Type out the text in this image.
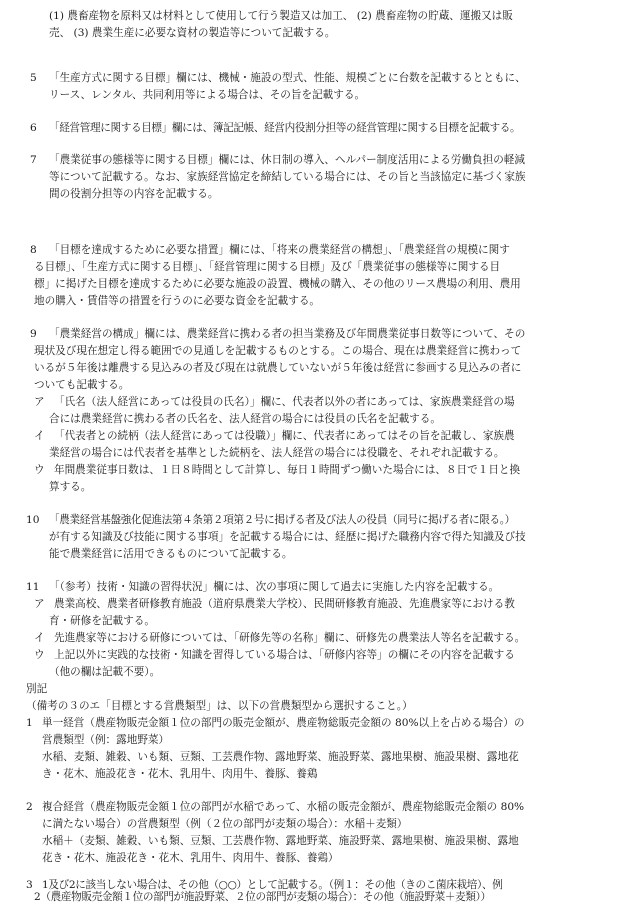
(1) 農畜産物を原料又は材料として使用して行う製造又は加工、 (2) 農畜産物の貯蔵、運搬又は販
売、 (3) 農業生産に必要な資材の製造等について記載する。
5 「生産方式に関する目標」欄には、機械・施設の型式、性能、規模ごとに台数を記載するとともに、
リース、レンタル、共同利用等による場合は、その旨を記載する。
6 「経営管理に関する目標」欄には、簿記記帳、経営内役割分担等の経営管理に関する目標を記載する。
7 「農業従事の態様等に関する目標」欄には、休日制の導入、ヘルパー制度活用による労働負担の軽減
等について記載する。なお、家族経営協定を締結している場合には、その旨と当該協定に基づく家族
間の役割分担等の内容を記載する。
8 「目標を達成するために必要な措置」欄には、「将来の農業経営の構想」、「農業経営の規模に関す
る目標」、「生産方式に関する目標」、「経営管理に関する目標」及び「農業従事の態様等に関する目
標」に掲げた目標を達成するために必要な施設の設置、機械の購入、その他のリース農場の利用、農用
地の購入・賃借等の措置を行うのに必要な資金を記載する。
9 「農業経営の構成」欄には、農業経営に携わる者の担当業務及び年間農業従事日数等について、その
現状及び現在想定し得る範囲での見通しを記載するものとする。この場合、現在は農業経営に携わって
いるが５年後は離農する見込みの者及び現在は就農していないが５年後は経営に参画する見込みの者に
ついても記載する。
ア 「氏名（法人経営にあっては役員の氏名）」欄に、代表者以外の者にあっては、家族農業経営の場
合には農業経営に携わる者の氏名を、法人経営の場合には役員の氏名を記載する。
イ 「代表者との続柄（法人経営にあっては役職）」欄に、代表者にあってはその旨を記載し、家族農
業経営の場合には代表者を基準とした続柄を、法人経営の場合には役職を、それぞれ記載する。
ウ 年間農業従事日数は、１日８時間として計算し、毎日１時間ずつ働いた場合には、８日で１日と換
算する。
10 「農業経営基盤強化促進法第４条第２項第２号に掲げる者及び法人の役員（同号に掲げる者に限る。）
が有する知識及び技能に関する事項」を記載する場合には、経歴に掲げた職務内容で得た知識及び技
能で農業経営に活用できるものについて記載する。
11 「（参考）技術・知識の習得状況」欄には、次の事項に関して過去に実施した内容を記載する。
ア 農業高校、農業者研修教育施設（道府県農業大学校）、民間研修教育施設、先進農家等における教
育・研修を記載する。
イ 先進農家等における研修については、「研修先等の名称」欄に、研修先の農業法人等名を記載する。
ウ 上記以外に実践的な技術・知識を習得している場合は、「研修内容等」の欄にその内容を記載する
（他の欄は記載不要）。
別記
（備考の３のエ「目標とする営農類型」は、以下の営農類型から選択すること。）
1 単一経営（農産物販売金額１位の部門の販売金額が、農産物総販売金額の 80%以上を占める場合）の
営農類型（例：露地野菜）
水稲、麦類、雑穀、いも類、豆類、工芸農作物、露地野菜、施設野菜、露地果樹、施設果樹、露地花
き・花木、施設花き・花木、乳用牛、肉用牛、養豚、養鶏
2 複合経営（農産物販売金額１位の部門が水稲であって、水稲の販売金額が、農産物総販売金額の 80%
に満たない場合）の営農類型（例（２位の部門が麦類の場合）：水稲＋麦類）
水稲＋（麦類、雑穀、いも類、豆類、工芸農作物、露地野菜、施設野菜、露地果樹、施設果樹、露地
花き・花木、施設花き・花木、乳用牛、肉用牛、養豚、養鶏）
3 1及び2に該当しない場合は、その他（○○）として記載する。（例１：その他（きのこ菌床栽培）、例
2（農産物販売金額１位の部門が施設野菜、２位の部門が麦類の場合）：その他（施設野菜＋麦類））
